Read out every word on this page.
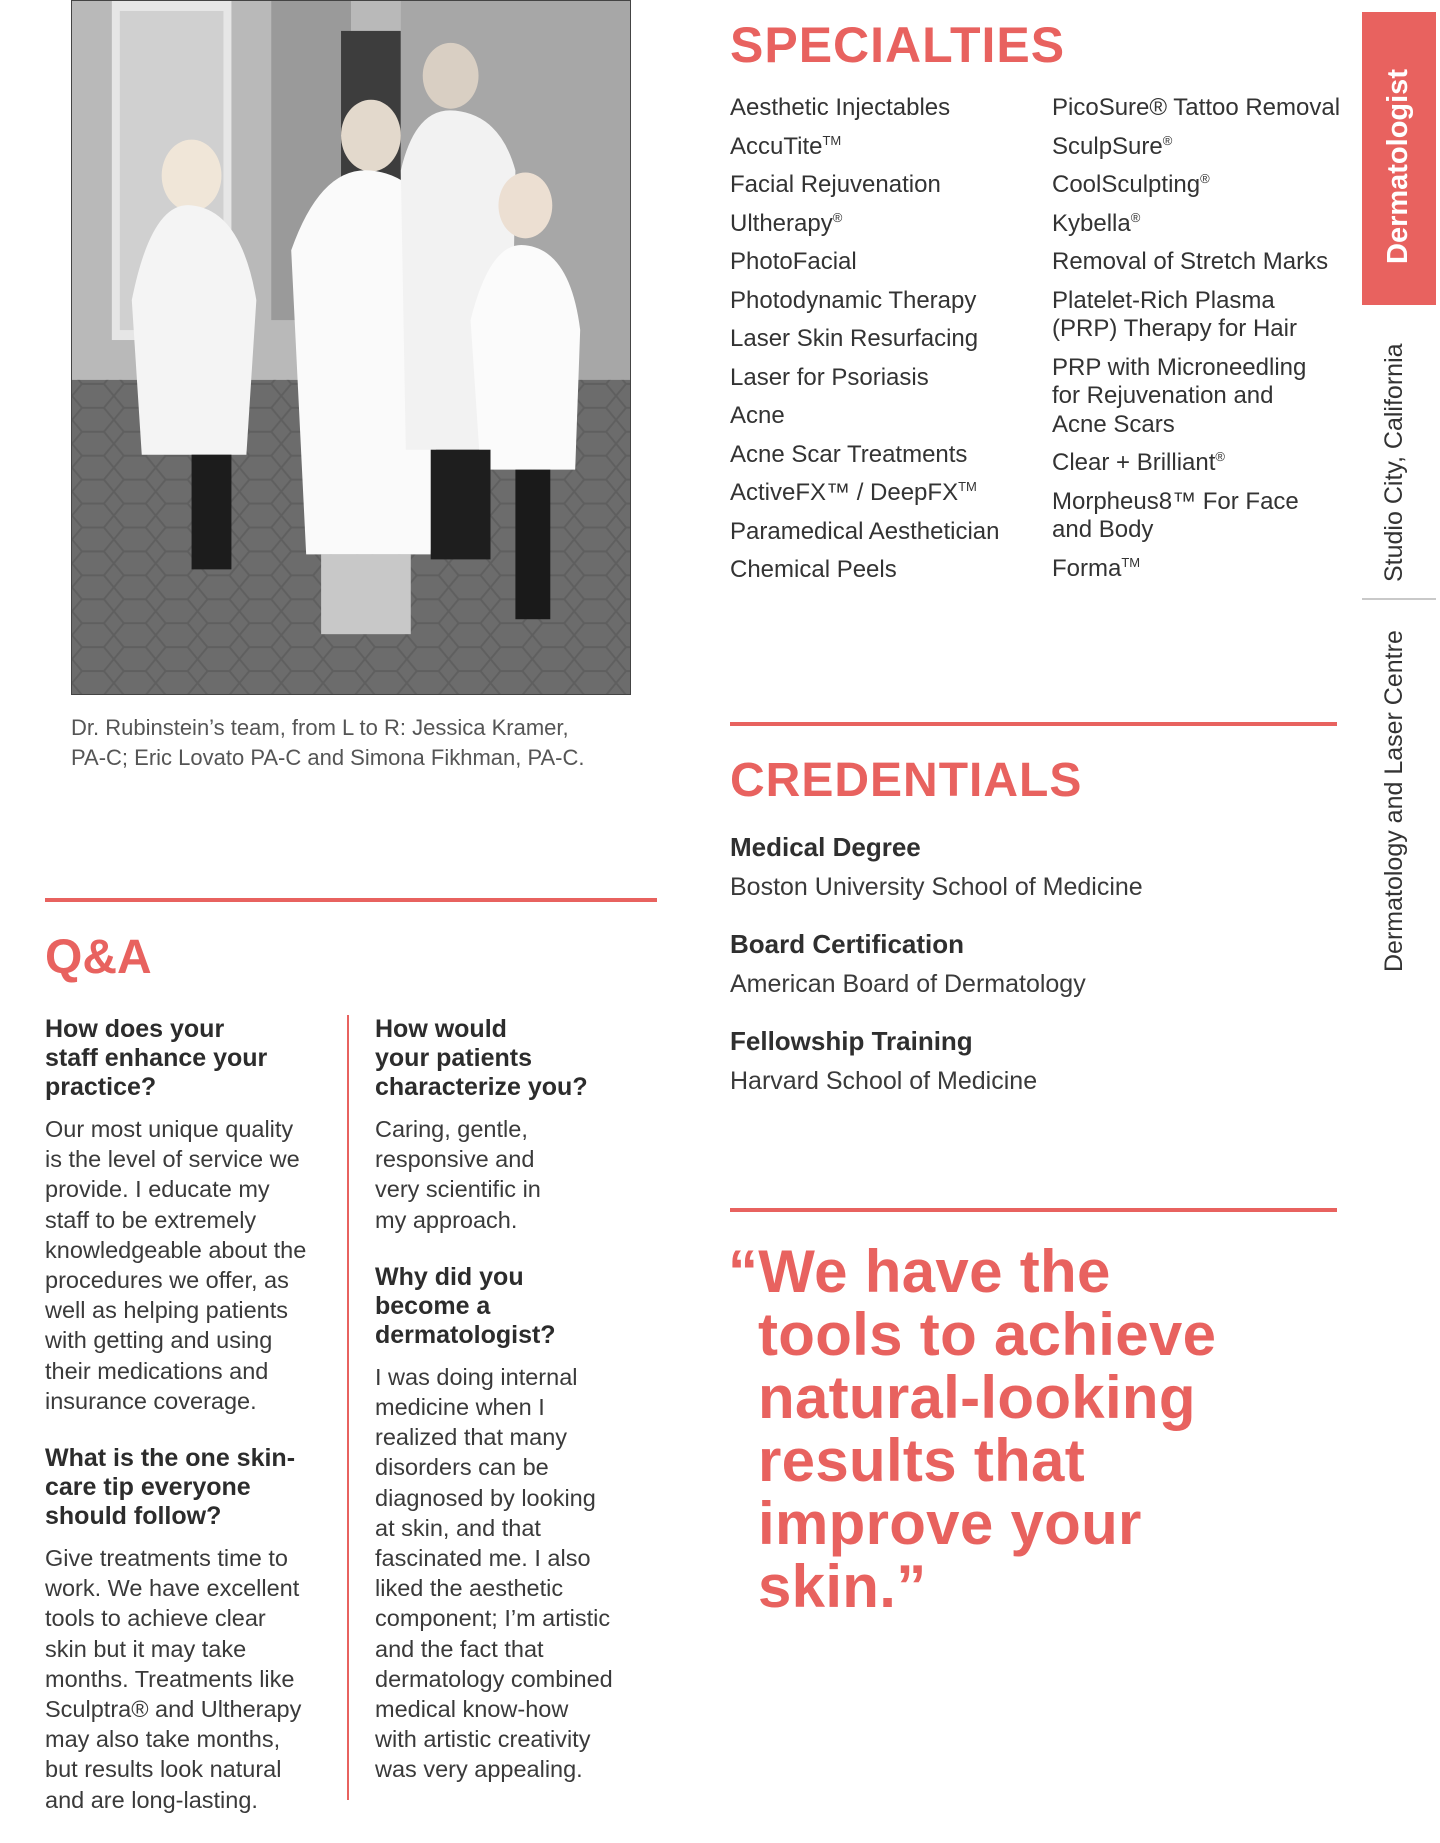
Dr. Rubinstein’s team, from L to R: Jessica Kramer,
PA-C; Eric Lovato PA-C and Simona Fikhman, PA-C.
SPECIALTIES
Aesthetic Injectables
AccuTite™
Facial Rejuvenation
Ultherapy®
PhotoFacial
Photodynamic Therapy
Laser Skin Resurfacing
Laser for Psoriasis
Acne
Acne Scar Treatments
ActiveFX™ / DeepFX™
Paramedical Aesthetician
Chemical Peels
PicoSure® Tattoo Removal
SculpSure®
CoolSculpting®
Kybella®
Removal of Stretch Marks
Platelet-Rich Plasma
(PRP) Therapy for Hair
PRP with Microneedling
for Rejuvenation and
Acne Scars
Clear + Brilliant®
Morpheus8™ For Face
and Body
Forma™
CREDENTIALS
Medical Degree
Boston University School of Medicine
Board Certification
American Board of Dermatology
Fellowship Training
Harvard School of Medicine
Q&A
How does your
staff enhance your
practice?
Our most unique quality
is the level of service we
provide. I educate my
staff to be extremely
knowledgeable about the
procedures we offer, as
well as helping patients
with getting and using
their medications and
insurance coverage.
What is the one skin-
care tip everyone
should follow?
Give treatments time to
work. We have excellent
tools to achieve clear
skin but it may take
months. Treatments like
Sculptra® and Ultherapy
may also take months,
but results look natural
and are long-lasting.
How would
your patients
characterize you?
Caring, gentle,
responsive and
very scientific in
my approach.
Why did you
become a
dermatologist?
I was doing internal
medicine when I
realized that many
disorders can be
diagnosed by looking
at skin, and that
fascinated me. I also
liked the aesthetic
component; I’m artistic
and the fact that
dermatology combined
medical know-how
with artistic creativity
was very appealing.
“We have the
tools to achieve
natural-looking
results that
improve your
skin.”
Dermatologist
Studio City, California
Dermatology and Laser Centre
